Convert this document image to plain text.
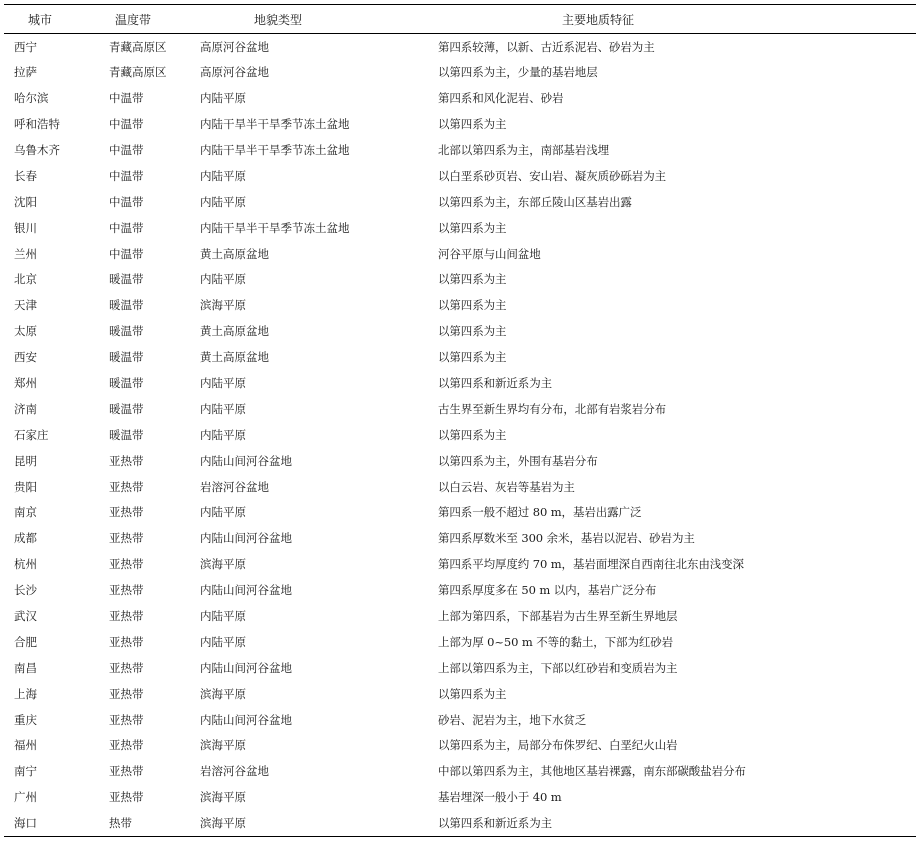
城市	温度带	地貌类型	主要地质特征
西宁	青藏高原区	高原河谷盆地	第四系较薄，以新、古近系泥岩、砂岩为主
拉萨	青藏高原区	高原河谷盆地	以第四系为主，少量的基岩地层
哈尔滨	中温带	内陆平原	第四系和风化泥岩、砂岩
呼和浩特	中温带	内陆干旱半干旱季节冻土盆地	以第四系为主
乌鲁木齐	中温带	内陆干旱半干旱季节冻土盆地	北部以第四系为主，南部基岩浅埋
长春	中温带	内陆平原	以白垩系砂页岩、安山岩、凝灰质砂砾岩为主
沈阳	中温带	内陆平原	以第四系为主，东部丘陵山区基岩出露
银川	中温带	内陆干旱半干旱季节冻土盆地	以第四系为主
兰州	中温带	黄土高原盆地	河谷平原与山间盆地
北京	暖温带	内陆平原	以第四系为主
天津	暖温带	滨海平原	以第四系为主
太原	暖温带	黄土高原盆地	以第四系为主
西安	暖温带	黄土高原盆地	以第四系为主
郑州	暖温带	内陆平原	以第四系和新近系为主
济南	暖温带	内陆平原	古生界至新生界均有分布，北部有岩浆岩分布
石家庄	暖温带	内陆平原	以第四系为主
昆明	亚热带	内陆山间河谷盆地	以第四系为主，外围有基岩分布
贵阳	亚热带	岩溶河谷盆地	以白云岩、灰岩等基岩为主
南京	亚热带	内陆平原	第四系一般不超过 80 m，基岩出露广泛
成都	亚热带	内陆山间河谷盆地	第四系厚数米至 300 余米，基岩以泥岩、砂岩为主
杭州	亚热带	滨海平原	第四系平均厚度约 70 m，基岩面埋深自西南往北东由浅变深
长沙	亚热带	内陆山间河谷盆地	第四系厚度多在 50 m 以内，基岩广泛分布
武汉	亚热带	内陆平原	上部为第四系，下部基岩为古生界至新生界地层
合肥	亚热带	内陆平原	上部为厚 0~50 m 不等的黏土，下部为红砂岩
南昌	亚热带	内陆山间河谷盆地	上部以第四系为主，下部以红砂岩和变质岩为主
上海	亚热带	滨海平原	以第四系为主
重庆	亚热带	内陆山间河谷盆地	砂岩、泥岩为主，地下水贫乏
福州	亚热带	滨海平原	以第四系为主，局部分布侏罗纪、白垩纪火山岩
南宁	亚热带	岩溶河谷盆地	中部以第四系为主，其他地区基岩裸露，南东部碳酸盐岩分布
广州	亚热带	滨海平原	基岩埋深一般小于 40 m
海口	热带	滨海平原	以第四系和新近系为主
